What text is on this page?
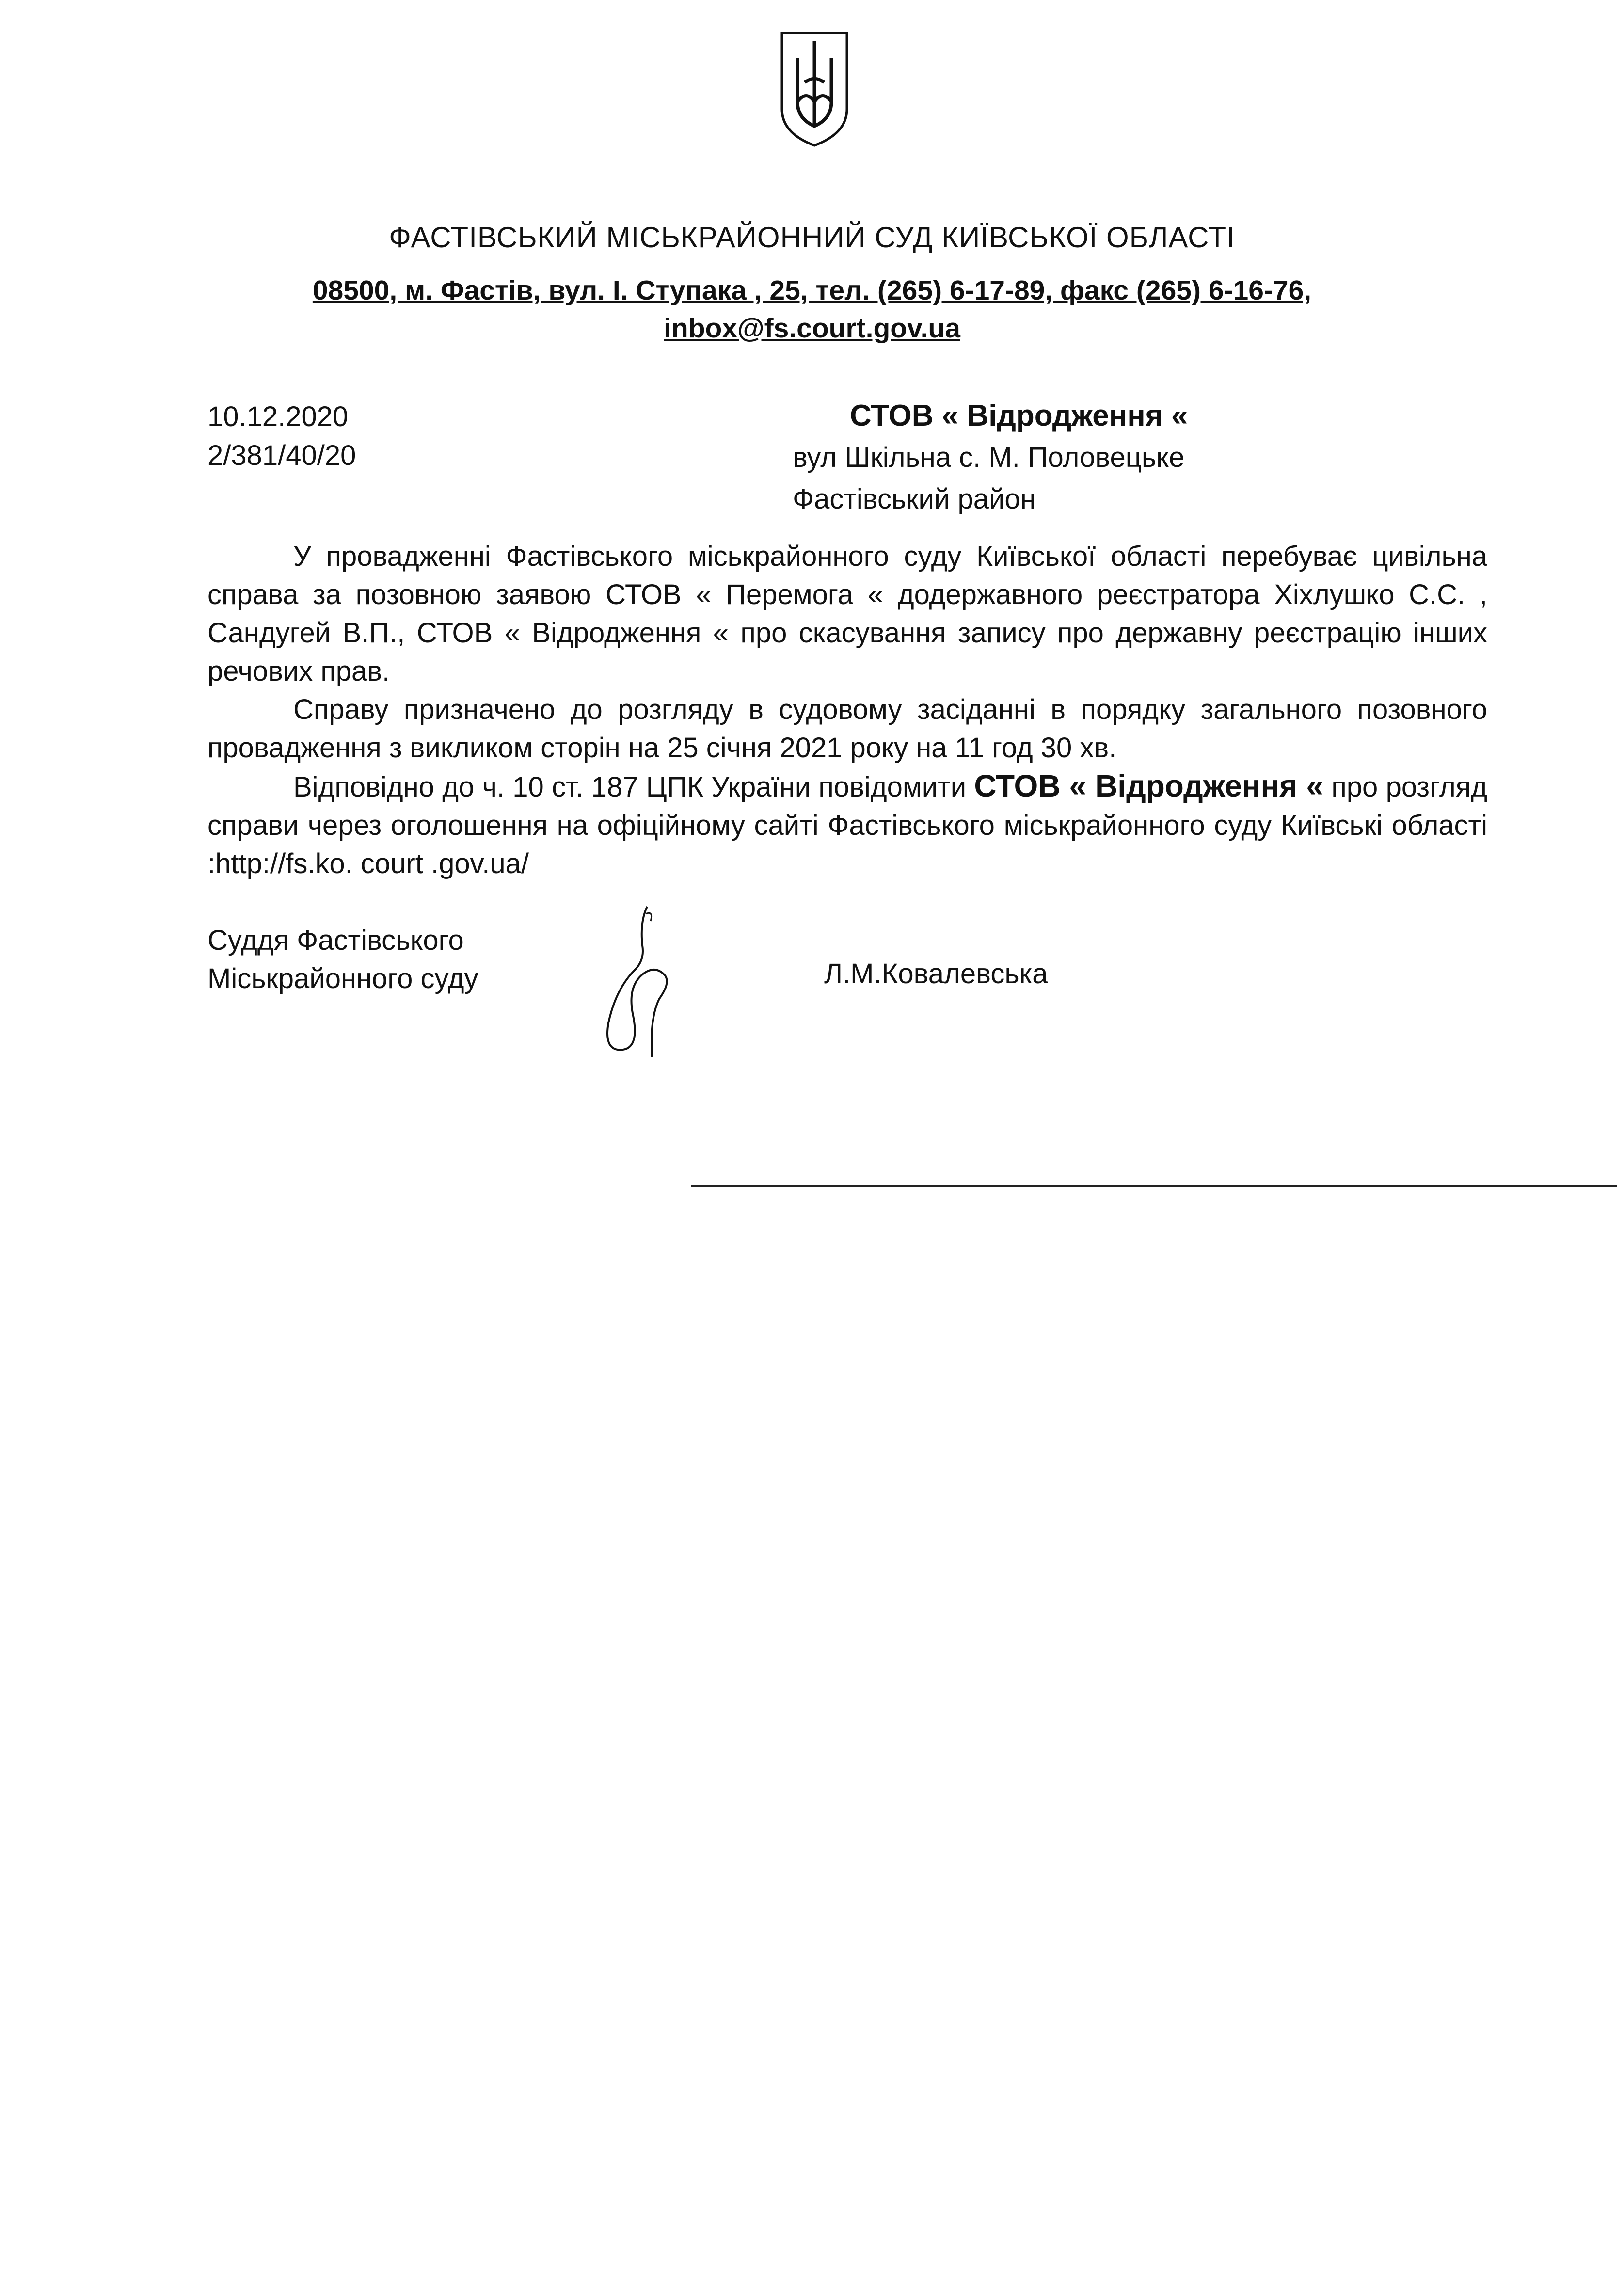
ФАСТІВСЬКИЙ МІСЬКРАЙОННИЙ СУД КИЇВСЬКОЇ ОБЛАСТІ
08500, м. Фастів, вул. І. Ступака , 25, тел. (265) 6-17-89, факс (265) 6-16-76,
inbox@fs.court.gov.ua
10.12.2020
2/381/40/20
СТОВ « Відродження «
вул Шкільна с. М. Половецьке
Фастівський район

У провадженні Фастівського міськрайонного суду Київської області перебуває цивільна справа за позовною заявою СТОВ « Перемога « додержавного реєстратора Хіхлушко С.С. , Сандугей В.П., СТОВ « Відродження « про скасування запису про державну реєстрацію інших речових прав.

Справу призначено до розгляду в судовому засіданні в порядку загального позовного провадження з викликом сторін на 25 січня 2021 року на 11 год 30 хв.

Відповідно до ч. 10 ст. 187 ЦПК України повідомити СТОВ « Відродження « про розгляд справи через оголошення на офіційному сайті Фастівського міськрайонного суду Київські області :http://fs.ko. court .gov.ua/

Суддя Фастівського
Міськрайонного суду	Л.М.Ковалевська
